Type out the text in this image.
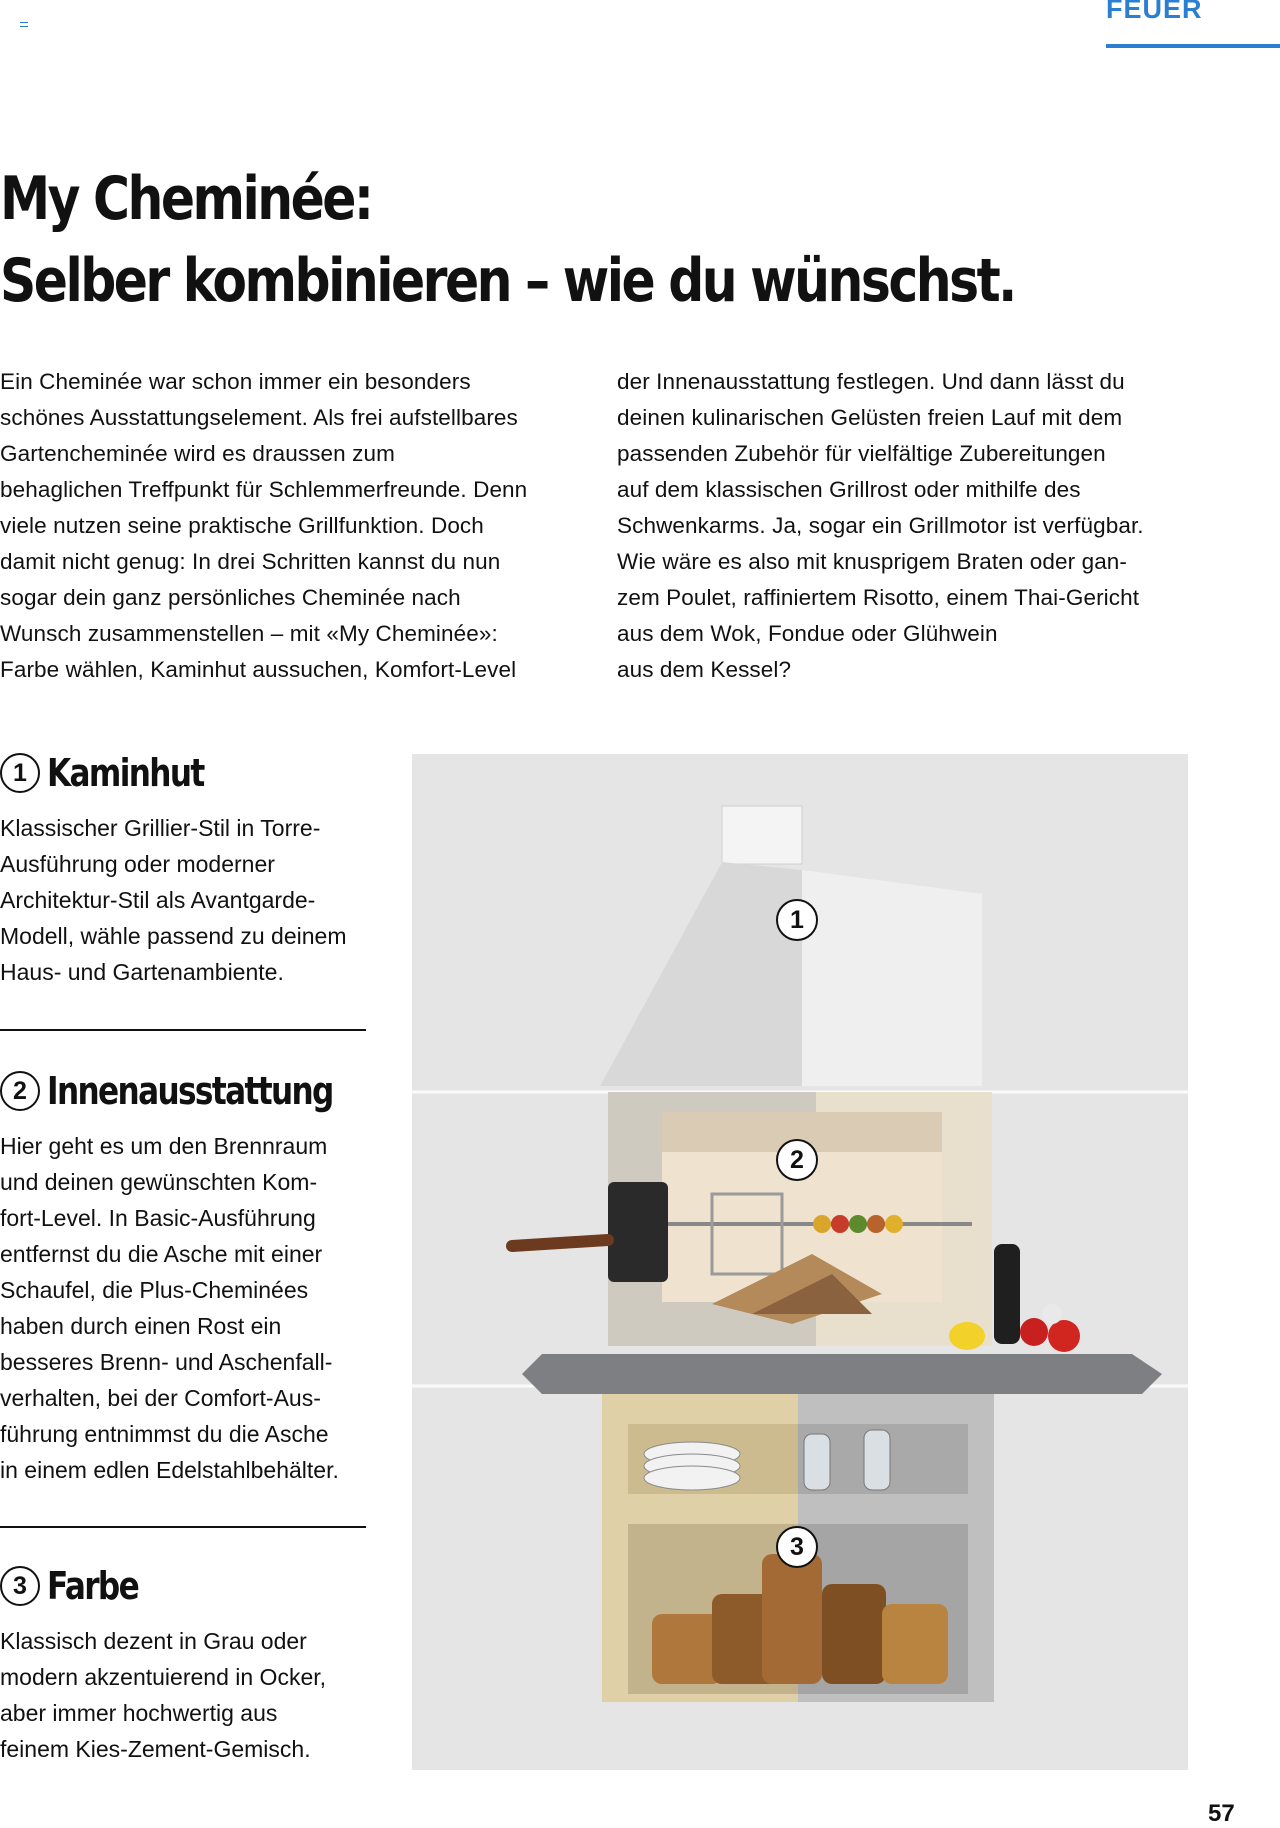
FEUER
My Cheminée:
Selber kombinieren – wie du wünschst.
Ein Cheminée war schon immer ein besonders
schönes Ausstattungselement. Als frei aufstellbares
Gartencheminée wird es draussen zum
behaglichen Treffpunkt für Schlemmerfreunde. Denn
viele nutzen seine praktische Grillfunktion. Doch
damit nicht genug: In drei Schritten kannst du nun
sogar dein ganz persönliches Cheminée nach
Wunsch zusammenstellen – mit «My Cheminée»:
Farbe wählen, Kaminhut aussuchen, Komfort-Level
der Innenausstattung festlegen. Und dann lässt du
deinen kulinarischen Gelüsten freien Lauf mit dem
passenden Zubehör für vielfältige Zubereitungen
auf dem klassischen Grillrost oder mithilfe des
Schwenkarms. Ja, sogar ein Grillmotor ist verfügbar.
Wie wäre es also mit knusprigem Braten oder gan-
zem Poulet, raffiniertem Risotto, einem Thai-Gericht
aus dem Wok, Fondue oder Glühwein
aus dem Kessel?
1 Kaminhut

Klassischer Grillier-Stil in Torre-
Ausführung oder moderner
Architektur-Stil als Avantgarde-
Modell, wähle passend zu deinem
Haus- und Gartenambiente.

2 Innenausstattung

Hier geht es um den Brennraum
und deinen gewünschten Kom-
fort-Level. In Basic-Ausführung
entfernst du die Asche mit einer
Schaufel, die Plus-Cheminées
haben durch einen Rost ein
besseres Brenn- und Aschenfall-
verhalten, bei der Comfort-Aus-
führung entnimmst du die Asche
in einem edlen Edelstahlbehälter.

3 Farbe

Klassisch dezent in Grau oder
modern akzentuierend in Ocker,
aber immer hochwertig aus
feinem Kies-Zement-Gemisch.

1
2
3
57
